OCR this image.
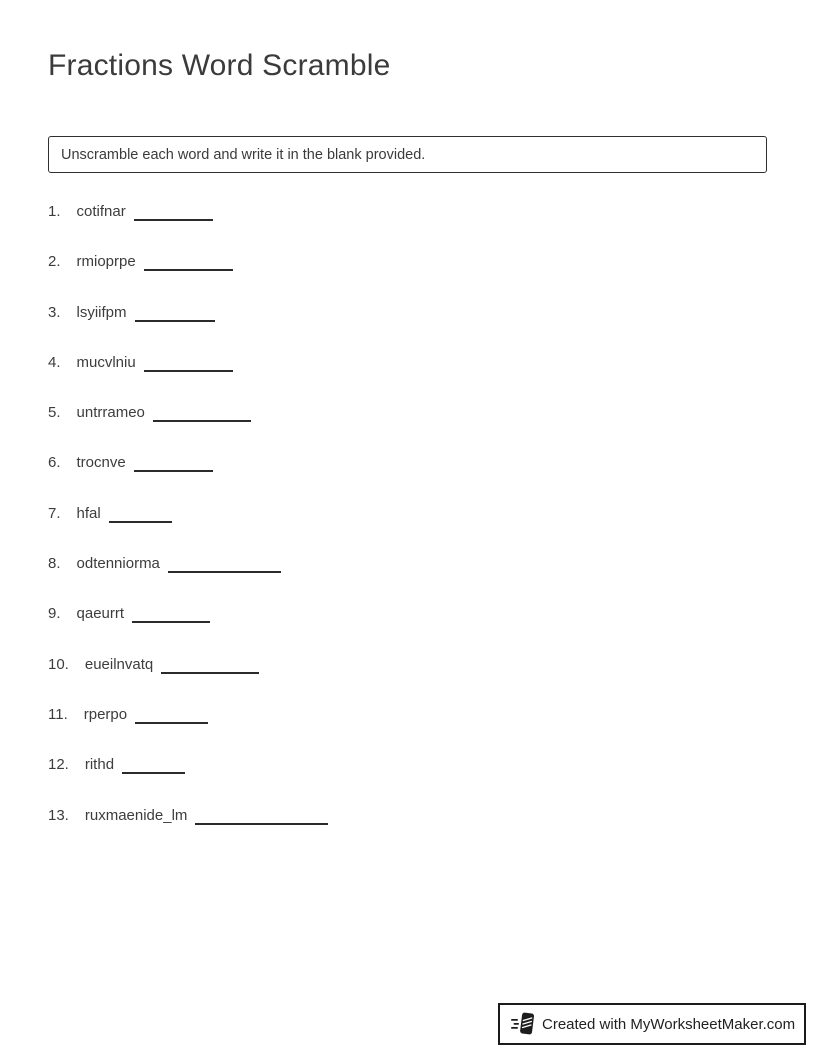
Fractions Word Scramble
Unscramble each word and write it in the blank provided.
1. cotifnar
2. rmioprpe
3. lsyiifpm
4. mucvlniu
5. untrrameo
6. trocnve
7. hfal
8. odtenniorma
9. qaeurrt
10. eueilnvatq
11. rperpo
12. rithd
13. ruxmaenide_lm
Created with MyWorksheetMaker.com
